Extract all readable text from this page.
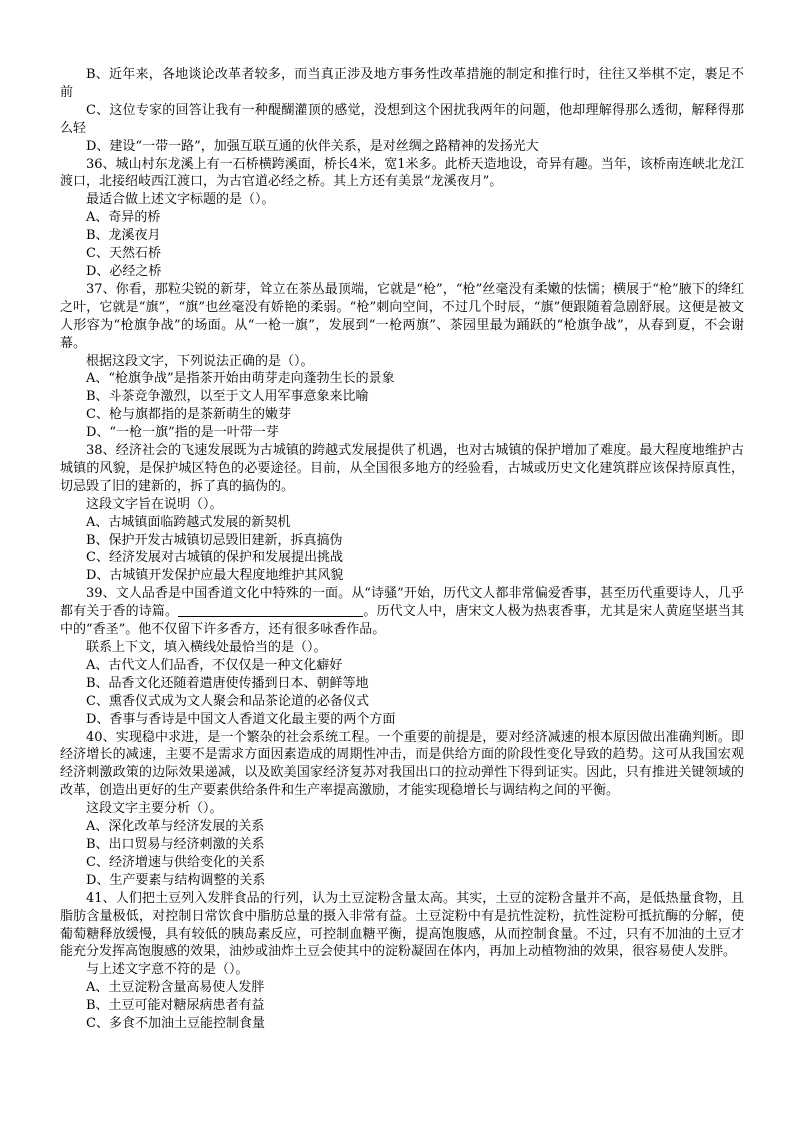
B、近年来，各地谈论改革者较多，而当真正涉及地方事务性改革措施的制定和推行时，往往又举棋不定，裹足不前

C、这位专家的回答让我有一种醍醐灌顶的感觉，没想到这个困扰我两年的问题，他却理解得那么透彻，解释得那么轻

D、建设“一带一路”，加强互联互通的伙伴关系，是对丝绸之路精神的发扬光大

36、城山村东龙溪上有一石桥横跨溪面，桥长4米，宽1米多。此桥天造地设，奇异有趣。当年，该桥南连峡北龙江渡口，北接绍岐西江渡口，为古官道必经之桥。其上方还有美景“龙溪夜月”。

最适合做上述文字标题的是（）。

A、奇异的桥

B、龙溪夜月

C、天然石桥

D、必经之桥

37、你看，那粒尖锐的新芽，耸立在茶丛最顶端，它就是“枪”，“枪”丝毫没有柔嫩的怯懦；横展于“枪”腋下的绛红之叶，它就是“旗”，“旗”也丝毫没有娇艳的柔弱。“枪”刺向空间，不过几个时辰，“旗”便跟随着急剧舒展。这便是被文人形容为“枪旗争战”的场面。从“一枪一旗”，发展到“一枪两旗”、茶园里最为踊跃的“枪旗争战”，从春到夏，不会谢幕。

根据这段文字，下列说法正确的是（）。

A、“枪旗争战”是指茶开始由萌芽走向蓬勃生长的景象

B、斗茶竞争激烈，以至于文人用军事意象来比喻

C、枪与旗都指的是茶新萌生的嫩芽

D、“一枪一旗”指的是一叶带一芽

38、经济社会的飞速发展既为古城镇的跨越式发展提供了机遇，也对古城镇的保护增加了难度。最大程度地维护古城镇的风貌，是保护城区特色的必要途径。目前，从全国很多地方的经验看，古城或历史文化建筑群应该保持原真性，切忌毁了旧的建新的，拆了真的搞伪的。

这段文字旨在说明（）。

A、古城镇面临跨越式发展的新契机

B、保护开发古城镇切忌毁旧建新，拆真搞伪

C、经济发展对古城镇的保护和发展提出挑战

D、古城镇开发保护应最大程度地维护其风貌

39、文人品香是中国香道文化中特殊的一面。从“诗骚”开始，历代文人都非常偏爱香事，甚至历代重要诗人，几乎都有关于香的诗篇。	。历代文人中，唐宋文人极为热衷香事，尤其是宋人黄庭坚堪当其中的“香圣”。他不仅留下许多香方，还有很多咏香作品。

联系上下文，填入横线处最恰当的是（）。

A、古代文人们品香，不仅仅是一种文化癖好

B、品香文化还随着遣唐使传播到日本、朝鲜等地

C、熏香仪式成为文人聚会和品茶论道的必备仪式

D、香事与香诗是中国文人香道文化最主要的两个方面

40、实现稳中求进，是一个繁杂的社会系统工程。一个重要的前提是，要对经济减速的根本原因做出准确判断。即经济增长的减速，主要不是需求方面因素造成的周期性冲击，而是供给方面的阶段性变化导致的趋势。这可从我国宏观经济刺激政策的边际效果递减，以及欧美国家经济复苏对我国出口的拉动弹性下得到证实。因此，只有推进关键领域的改革，创造出更好的生产要素供给条件和生产率提高激励，才能实现稳增长与调结构之间的平衡。

这段文字主要分析（）。

A、深化改革与经济发展的关系

B、出口贸易与经济刺激的关系

C、经济增速与供给变化的关系

D、生产要素与结构调整的关系

41、人们把土豆列入发胖食品的行列，认为土豆淀粉含量太高。其实，土豆的淀粉含量并不高，是低热量食物，且脂肪含量极低，对控制日常饮食中脂肪总量的摄入非常有益。土豆淀粉中有是抗性淀粉，抗性淀粉可抵抗酶的分解，使葡萄糖释放缓慢，具有较低的胰岛素反应，可控制血糖平衡，提高饱腹感，从而控制食量。不过，只有不加油的土豆才能充分发挥高饱腹感的效果，油炒或油炸土豆会使其中的淀粉凝固在体内，再加上动植物油的效果，很容易使人发胖。

与上述文字意不符的是（）。

A、土豆淀粉含量高易使人发胖

B、土豆可能对糖尿病患者有益

C、多食不加油土豆能控制食量
